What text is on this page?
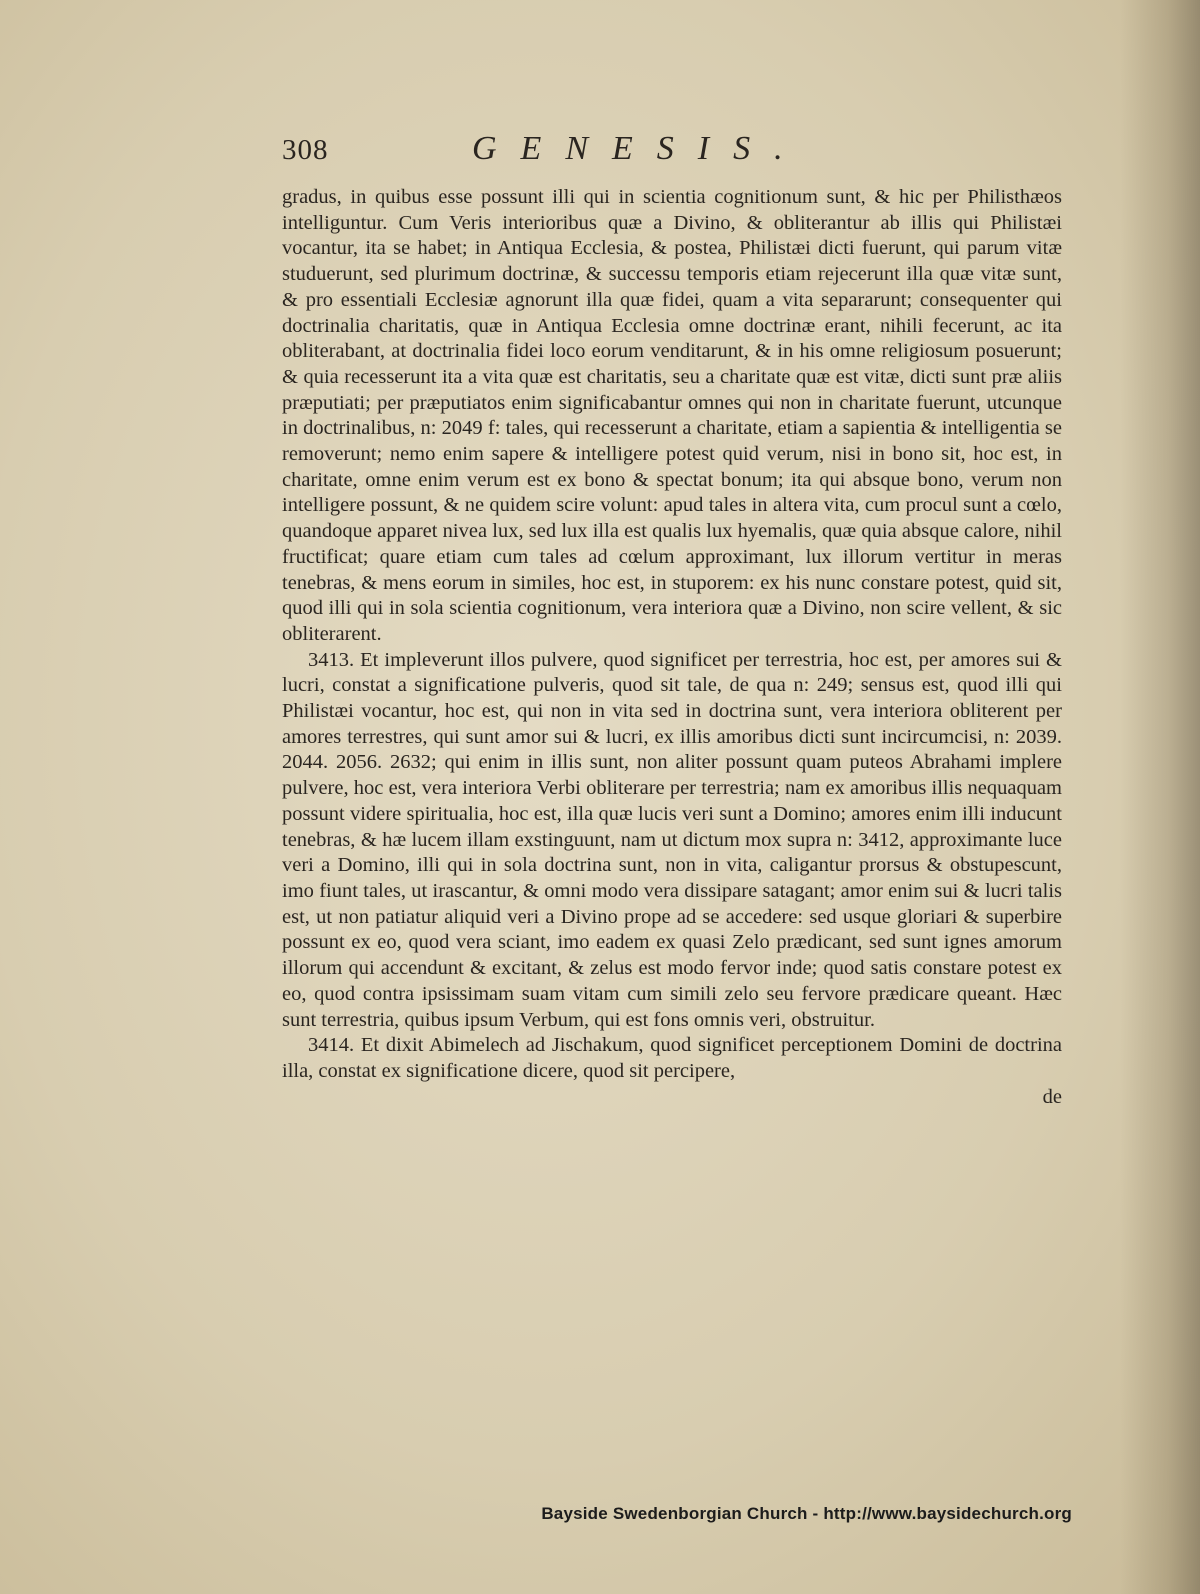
308	GENESIS.

gradus, in quibus esse possunt illi qui in scientia cognitionum sunt, & hic per Philisthæos intelliguntur. Cum Veris interioribus quæ a Divino, & obliterantur ab illis qui Philistæi vocantur, ita se habet; in Antiqua Ecclesia, & postea, Philistæi dicti fuerunt, qui parum vitæ studuerunt, sed plurimum doctrinæ, & successu temporis etiam rejecerunt illa quæ vitæ sunt, & pro essentiali Ecclesiæ agnorunt illa quæ fidei, quam a vita separarunt; consequenter qui doctrinalia charitatis, quæ in Antiqua Ecclesia omne doctrinæ erant, nihili fecerunt, ac ita obliterabant, at doctrinalia fidei loco eorum venditarunt, & in his omne religiosum posuerunt; & quia recesserunt ita a vita quæ est charitatis, seu a charitate quæ est vitæ, dicti sunt præ aliis præputiati; per præputiatos enim significabantur omnes qui non in charitate fuerunt, utcunque in doctrinalibus, n: 2049 f: tales, qui recesserunt a charitate, etiam a sapientia & intelligentia se removerunt; nemo enim sapere & intelligere potest quid verum, nisi in bono sit, hoc est, in charitate, omne enim verum est ex bono & spectat bonum; ita qui absque bono, verum non intelligere possunt, & ne quidem scire volunt: apud tales in altera vita, cum procul sunt a cœlo, quandoque apparet nivea lux, sed lux illa est qualis lux hyemalis, quæ quia absque calore, nihil fructificat; quare etiam cum tales ad cœlum approximant, lux illorum vertitur in meras tenebras, & mens eorum in similes, hoc est, in stuporem: ex his nunc constare potest, quid sit, quod illi qui in sola scientia cognitionum, vera interiora quæ a Divino, non scire vellent, & sic obliterarent.

3413. Et impleverunt illos pulvere, quod significet per terrestria, hoc est, per amores sui & lucri, constat a significatione pulveris, quod sit tale, de qua n: 249; sensus est, quod illi qui Philistæi vocantur, hoc est, qui non in vita sed in doctrina sunt, vera interiora obliterent per amores terrestres, qui sunt amor sui & lucri, ex illis amoribus dicti sunt incircumcisi, n: 2039. 2044. 2056. 2632; qui enim in illis sunt, non aliter possunt quam puteos Abrahami implere pulvere, hoc est, vera interiora Verbi obliterare per terrestria; nam ex amoribus illis nequaquam possunt videre spiritualia, hoc est, illa quæ lucis veri sunt a Domino; amores enim illi inducunt tenebras, & hæ lucem illam exstinguunt, nam ut dictum mox supra n: 3412, approximante luce veri a Domino, illi qui in sola doctrina sunt, non in vita, caligantur prorsus & obstupescunt, imo fiunt tales, ut irascantur, & omni modo vera dissipare satagant; amor enim sui & lucri talis est, ut non patiatur aliquid veri a Divino prope ad se accedere: sed usque gloriari & superbire possunt ex eo, quod vera sciant, imo eadem ex quasi Zelo prædicant, sed sunt ignes amorum illorum qui accendunt & excitant, & zelus est modo fervor inde; quod satis constare potest ex eo, quod contra ipsissimam suam vitam cum simili zelo seu fervore prædicare queant. Hæc sunt terrestria, quibus ipsum Verbum, qui est fons omnis veri, obstruitur.

3414. Et dixit Abimelech ad Jischakum, quod significet perceptionem Domini de doctrina illa, constat ex significatione dicere, quod sit percipere,

de

Bayside Swedenborgian Church - http://www.baysidechurch.org
